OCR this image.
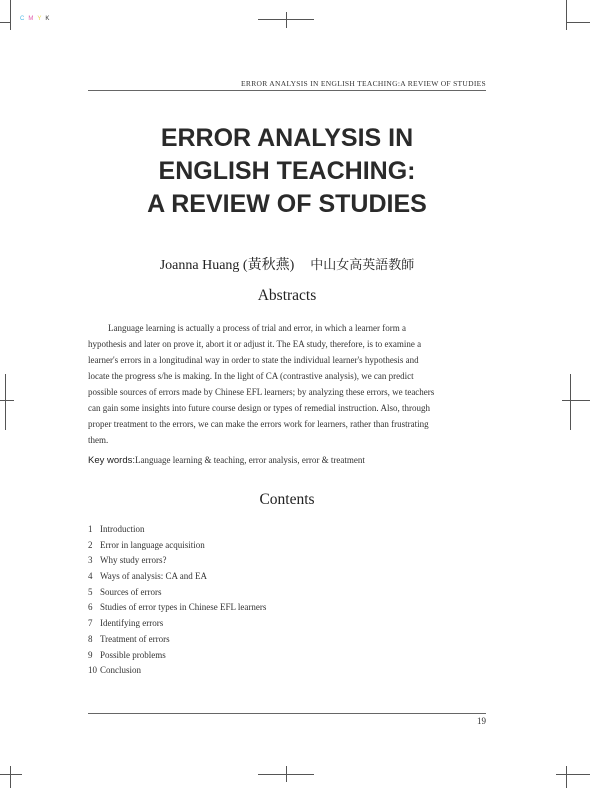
CMYK
ERROR ANALYSIS IN ENGLISH TEACHING:A REVIEW OF STUDIES
ERROR ANALYSIS IN
ENGLISH TEACHING:
A REVIEW OF STUDIES
Joanna Huang (黃秋燕) 中山女高英語教師
Abstracts
Language learning is actually a process of trial and error, in which a learner form a
hypothesis and later on prove it, abort it or adjust it. The EA study, therefore, is to examine a
learner's errors in a longitudinal way in order to state the individual learner's hypothesis and
locate the progress s/he is making. In the light of CA (contrastive analysis), we can predict
possible sources of errors made by Chinese EFL learners; by analyzing these errors, we teachers
can gain some insights into future course design or types of remedial instruction. Also, through
proper treatment to the errors, we can make the errors work for learners, rather than frustrating
them.
Key words:Language learning & teaching, error analysis, error & treatment
Contents
1 Introduction
2 Error in language acquisition
3 Why study errors?
4 Ways of analysis: CA and EA
5 Sources of errors
6 Studies of error types in Chinese EFL learners
7 Identifying errors
8 Treatment of errors
9 Possible problems
10 Conclusion
19
